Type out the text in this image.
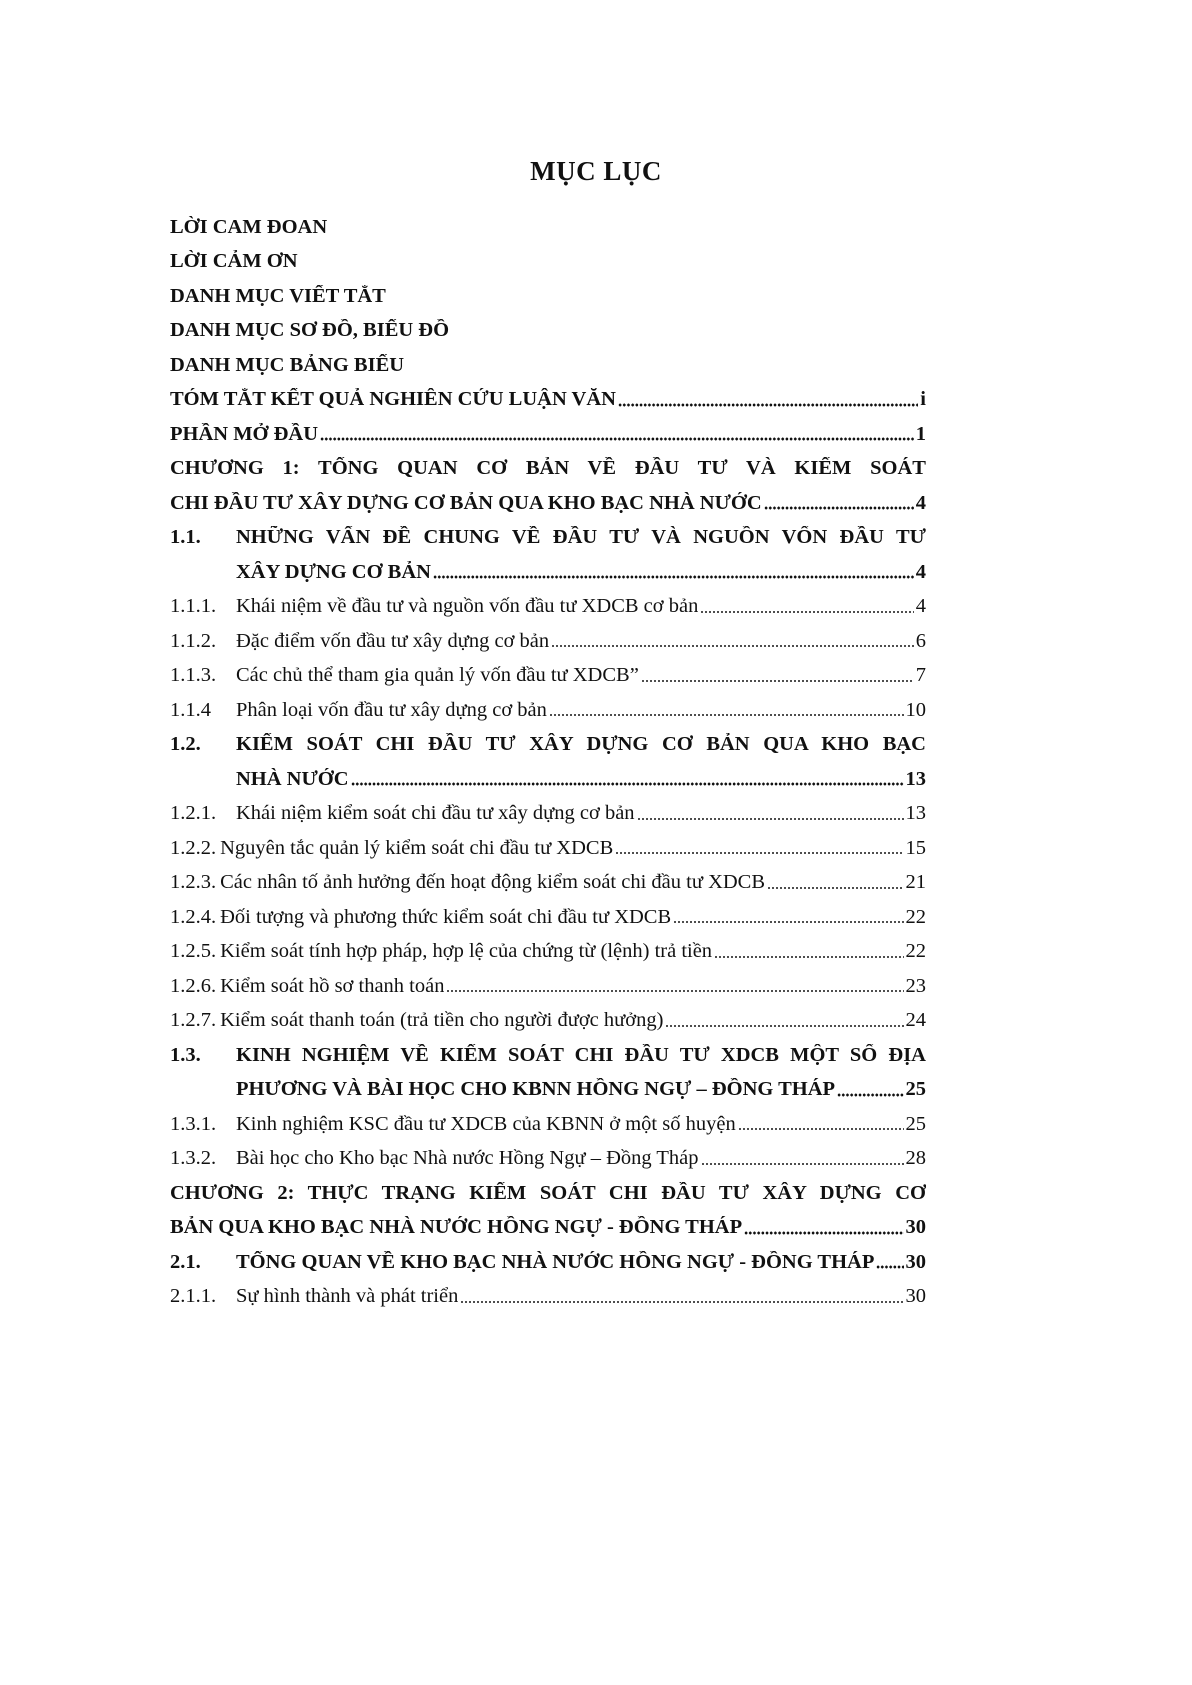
MỤC LỤC
LỜI CAM ĐOAN
LỜI CẢM ƠN
DANH MỤC VIẾT TẮT
DANH MỤC SƠ ĐỒ, BIỂU ĐỒ
DANH MỤC BẢNG BIỂU
TÓM TẮT KẾT QUẢ NGHIÊN CỨU LUẬN VĂN	i
PHẦN MỞ ĐẦU	1
CHƯƠNG 1: TỔNG QUAN CƠ BẢN VỀ ĐẦU TƯ VÀ KIỂM SOÁT
CHI ĐẦU TƯ XÂY DỰNG CƠ BẢN QUA KHO BẠC NHÀ NƯỚC	4
1.1.	NHỮNG VẤN ĐỀ CHUNG VỀ ĐẦU TƯ VÀ NGUỒN VỐN ĐẦU TƯ
XÂY DỰNG CƠ BẢN	4
1.1.1. Khái niệm về đầu tư và nguồn vốn đầu tư XDCB cơ bản	4
1.1.2. Đặc điểm vốn đầu tư xây dựng cơ bản	6
1.1.3. Các chủ thể tham gia quản lý vốn đầu tư XDCB”	7
1.1.4	Phân loại vốn đầu tư xây dựng cơ bản	10
1.2.	KIỂM SOÁT CHI ĐẦU TƯ XÂY DỰNG CƠ BẢN QUA KHO BẠC
NHÀ NƯỚC	13
1.2.1. Khái niệm kiểm soát chi đầu tư xây dựng cơ bản	13
1.2.2. Nguyên tắc quản lý kiểm soát chi đầu tư XDCB	15
1.2.3. Các nhân tố ảnh hưởng đến hoạt động kiểm soát chi đầu tư XDCB	21
1.2.4. Đối tượng và phương thức kiểm soát chi đầu tư XDCB	22
1.2.5. Kiểm soát tính hợp pháp, hợp lệ của chứng từ (lệnh) trả tiền	22
1.2.6. Kiểm soát hồ sơ thanh toán	23
1.2.7. Kiểm soát thanh toán (trả tiền cho người được hưởng)	24
1.3.	KINH NGHIỆM VỀ KIỂM SOÁT CHI ĐẦU TƯ XDCB MỘT SỐ ĐỊA
PHƯƠNG VÀ BÀI HỌC CHO KBNN HỒNG NGỰ – ĐỒNG THÁP	25
1.3.1. Kinh nghiệm KSC đầu tư XDCB của KBNN ở một số huyện	25
1.3.2. Bài học cho Kho bạc Nhà nước Hồng Ngự – Đồng Tháp	28
CHƯƠNG 2: THỰC TRẠNG KIỂM SOÁT CHI ĐẦU TƯ XÂY DỰNG CƠ
BẢN QUA KHO BẠC NHÀ NƯỚC HỒNG NGỰ - ĐỒNG THÁP	30
2.1.	TỔNG QUAN VỀ KHO BẠC NHÀ NƯỚC HỒNG NGỰ - ĐỒNG THÁP 30
2.1.1. Sự hình thành và phát triển	30
